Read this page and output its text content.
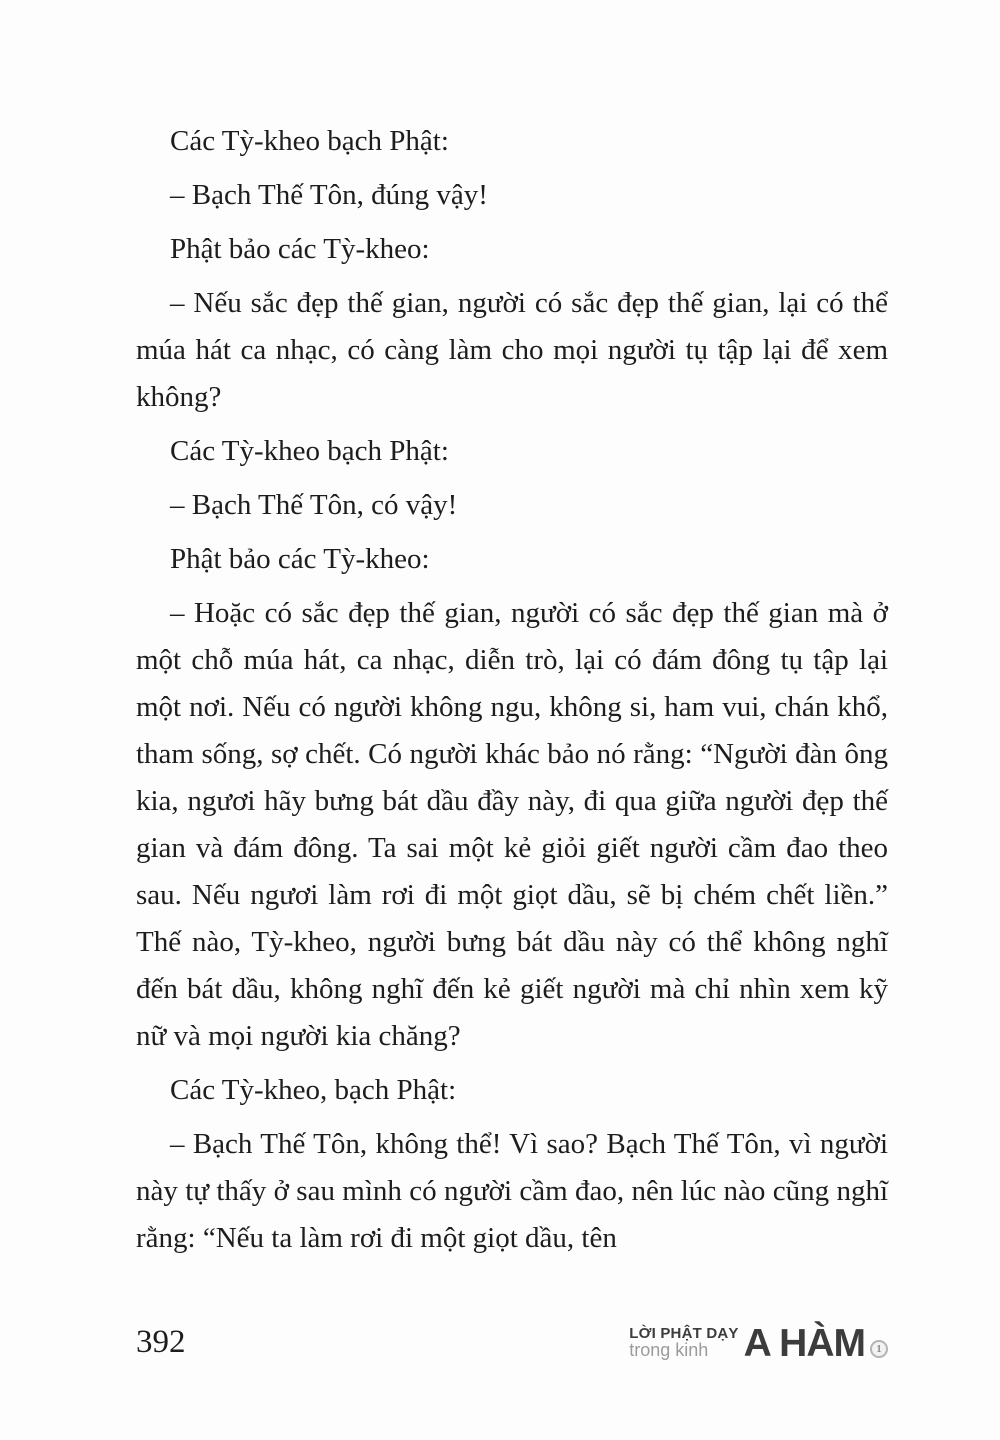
Các Tỳ-kheo bạch Phật:

– Bạch Thế Tôn, đúng vậy!

Phật bảo các Tỳ-kheo:

– Nếu sắc đẹp thế gian, người có sắc đẹp thế gian, lại có thể múa hát ca nhạc, có càng làm cho mọi người tụ tập lại để xem không?

Các Tỳ-kheo bạch Phật:

– Bạch Thế Tôn, có vậy!

Phật bảo các Tỳ-kheo:

– Hoặc có sắc đẹp thế gian, người có sắc đẹp thế gian mà ở một chỗ múa hát, ca nhạc, diễn trò, lại có đám đông tụ tập lại một nơi. Nếu có người không ngu, không si, ham vui, chán khổ, tham sống, sợ chết. Có người khác bảo nó rằng: “Người đàn ông kia, ngươi hãy bưng bát dầu đầy này, đi qua giữa người đẹp thế gian và đám đông. Ta sai một kẻ giỏi giết người cầm đao theo sau. Nếu ngươi làm rơi đi một giọt dầu, sẽ bị chém chết liền.” Thế nào, Tỳ-kheo, người bưng bát dầu này có thể không nghĩ đến bát dầu, không nghĩ đến kẻ giết người mà chỉ nhìn xem kỹ nữ và mọi người kia chăng?

Các Tỳ-kheo, bạch Phật:

– Bạch Thế Tôn, không thể! Vì sao? Bạch Thế Tôn, vì người này tự thấy ở sau mình có người cầm đao, nên lúc nào cũng nghĩ rằng: “Nếu ta làm rơi đi một giọt dầu, tên

392	LỜI PHẬT DẠY
trong kinh A HÀM 1
